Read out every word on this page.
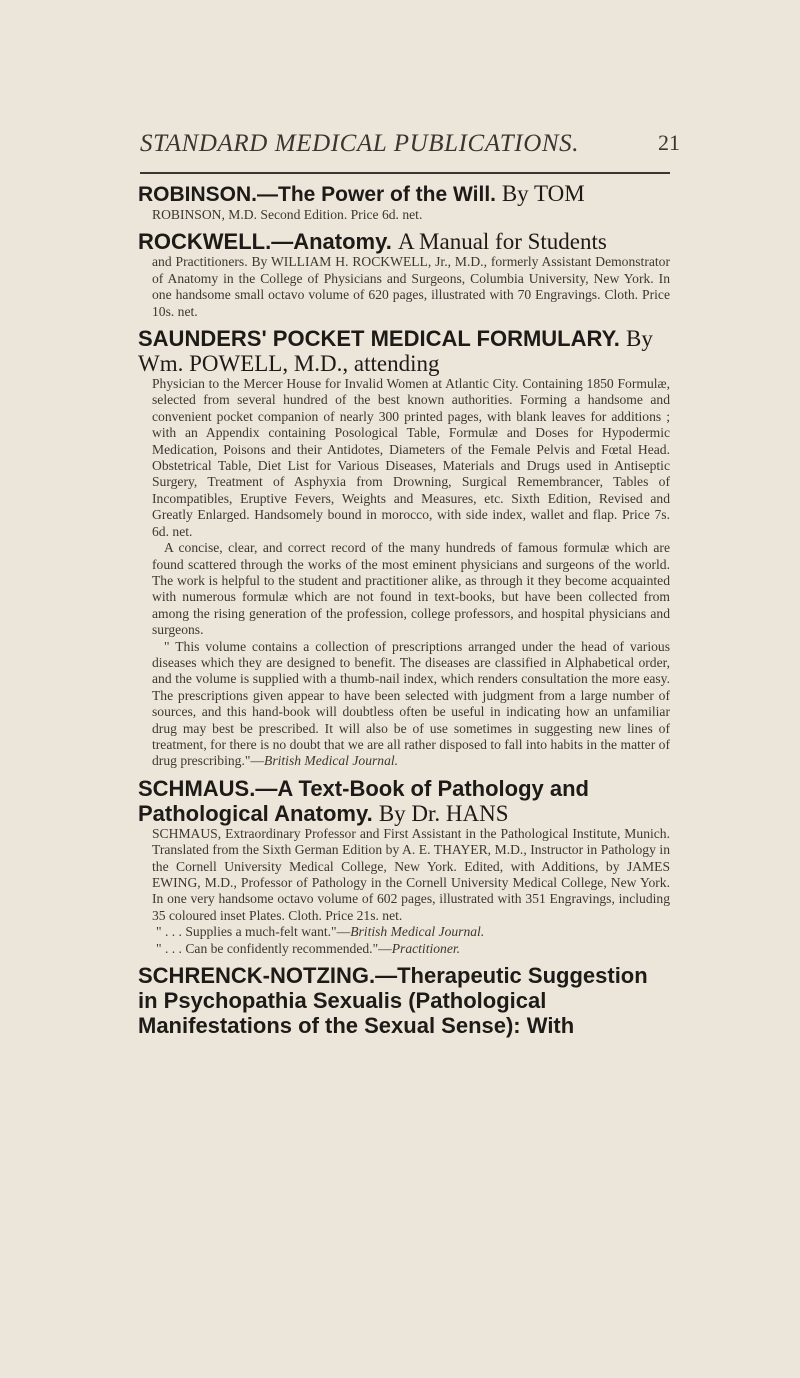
STANDARD MEDICAL PUBLICATIONS.	21

ROBINSON.—The Power of the Will. By TOM

ROBINSON, M.D. Second Edition. Price 6d. net.

ROCKWELL.—Anatomy. A Manual for Students

and Practitioners. By WILLIAM H. ROCKWELL, Jr., M.D., formerly Assistant Demonstrator of Anatomy in the College of Physicians and Surgeons, Columbia University, New York. In one handsome small octavo volume of 620 pages, illustrated with 70 Engravings. Cloth. Price 10s. net.

SAUNDERS' POCKET MEDICAL FORMULARY. By Wm. POWELL, M.D., attending

Physician to the Mercer House for Invalid Women at Atlantic City. Containing 1850 Formulæ, selected from several hundred of the best known authorities. Forming a handsome and convenient pocket companion of nearly 300 printed pages, with blank leaves for additions ; with an Appendix containing Posological Table, Formulæ and Doses for Hypodermic Medication, Poisons and their Antidotes, Diameters of the Female Pelvis and Fœtal Head. Obstetrical Table, Diet List for Various Diseases, Materials and Drugs used in Antiseptic Surgery, Treatment of Asphyxia from Drowning, Surgical Remembrancer, Tables of Incompatibles, Eruptive Fevers, Weights and Measures, etc. Sixth Edition, Revised and Greatly Enlarged. Handsomely bound in morocco, with side index, wallet and flap. Price 7s. 6d. net.

A concise, clear, and correct record of the many hundreds of famous formulæ which are found scattered through the works of the most eminent physicians and surgeons of the world. The work is helpful to the student and practitioner alike, as through it they become acquainted with numerous formulæ which are not found in text-books, but have been collected from among the rising generation of the profession, college professors, and hospital physicians and surgeons.

" This volume contains a collection of prescriptions arranged under the head of various diseases which they are designed to benefit. The diseases are classified in Alphabetical order, and the volume is supplied with a thumb-nail index, which renders consultation the more easy. The prescriptions given appear to have been selected with judgment from a large number of sources, and this hand-book will doubtless often be useful in indicating how an unfamiliar drug may best be prescribed. It will also be of use sometimes in suggesting new lines of treatment, for there is no doubt that we are all rather disposed to fall into habits in the matter of drug prescribing."—British Medical Journal.

SCHMAUS.—A Text-Book of Pathology and Pathological Anatomy. By Dr. HANS

SCHMAUS, Extraordinary Professor and First Assistant in the Pathological Institute, Munich. Translated from the Sixth German Edition by A. E. THAYER, M.D., Instructor in Pathology in the Cornell University Medical College, New York. Edited, with Additions, by JAMES EWING, M.D., Professor of Pathology in the Cornell University Medical College, New York. In one very handsome octavo volume of 602 pages, illustrated with 351 Engravings, including 35 coloured inset Plates. Cloth. Price 21s. net.

" . . . Supplies a much-felt want."—British Medical Journal.

" . . . Can be confidently recommended."—Practitioner.

SCHRENCK-NOTZING.—Therapeutic Suggestion in Psychopathia Sexualis (Pathological Manifestations of the Sexual Sense): With
